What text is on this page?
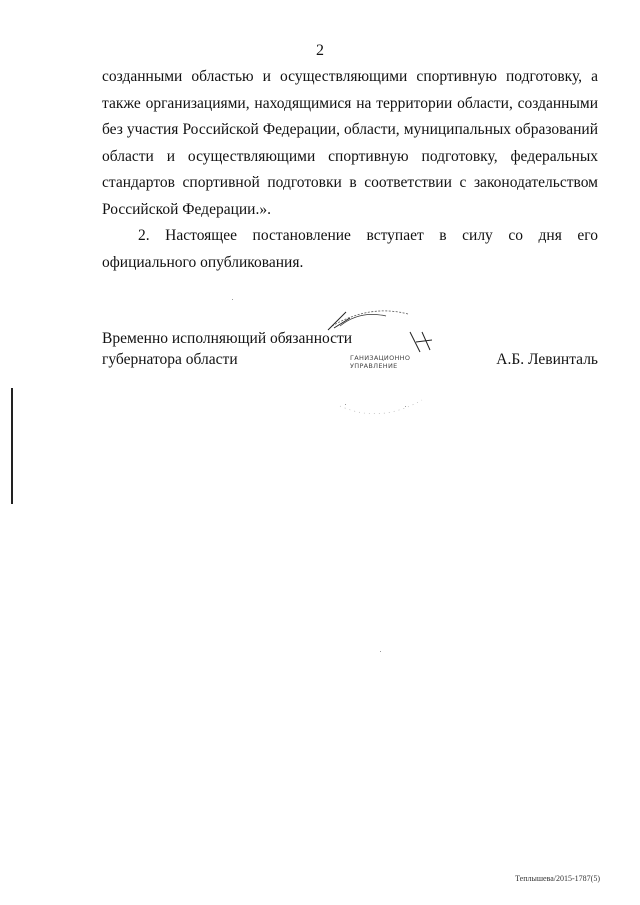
2

созданными областью и осуществляющими спортивную подготовку, а также организациями, находящимися на территории области, созданными без участия Российской Федерации, области, муниципальных образований области и осуществляющими спортивную подготовку, федеральных стандартов спортивной подготовки в соответствии с законодательством Российской Федерации.».

2. Настоящее постановление вступает в силу со дня его официального опубликования.

Временно исполняющий обязанности
губернатора области	А.Б. Левинталь
ГАНИЗАЦИОННО
УПРАВЛЕНИЕ
Теплышева/2015-1787(5)
